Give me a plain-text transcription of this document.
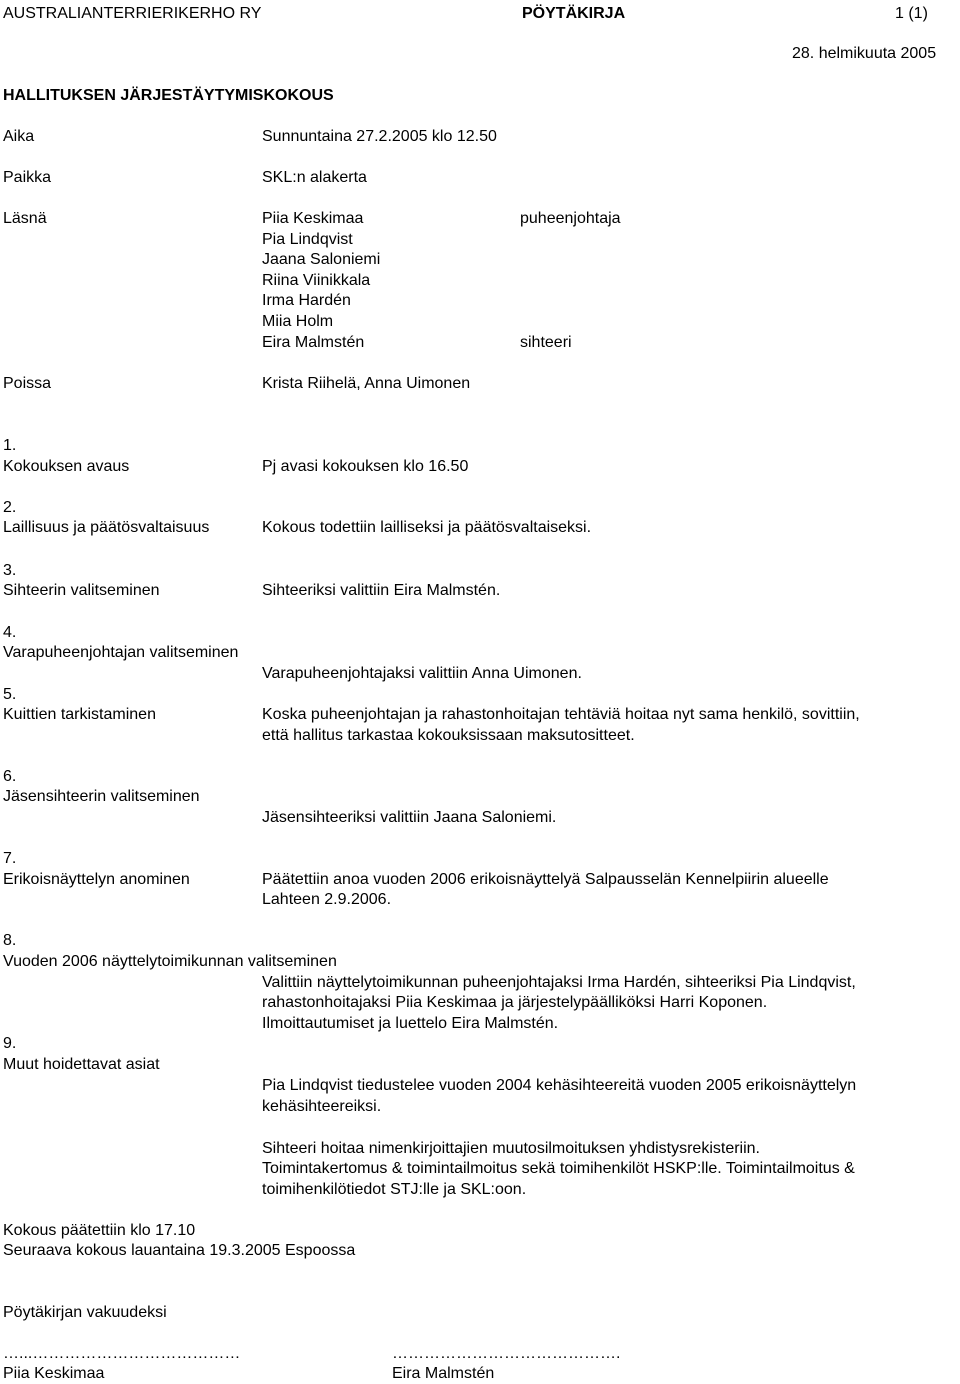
AUSTRALIANTERRIERIKERHO RY	PÖYTÄKIRJA	1 (1)
28. helmikuuta 2005
HALLITUKSEN JÄRJESTÄYTYMISKOKOUS
Aika	Sunnuntaina 27.2.2005 klo 12.50
Paikka	SKL:n alakerta
Läsnä	Piia Keskimaa	puheenjohtaja
Pia Lindqvist
Jaana Saloniemi
Riina Viinikkala
Irma Hardén
Miia Holm
Eira Malmstén	sihteeri
Poissa	Krista Riihelä, Anna Uimonen
1.
Kokouksen avaus	Pj avasi kokouksen klo 16.50
2.
Laillisuus ja päätösvaltaisuus	Kokous todettiin lailliseksi ja päätösvaltaiseksi.
3.
Sihteerin valitseminen	Sihteeriksi valittiin Eira Malmstén.
4.
Varapuheenjohtajan valitseminen
Varapuheenjohtajaksi valittiin Anna Uimonen.
5.
Kuittien tarkistaminen	Koska puheenjohtajan ja rahastonhoitajan tehtäviä hoitaa nyt sama henkilö, sovittiin,
että hallitus tarkastaa kokouksissaan maksutositteet.
6.
Jäsensihteerin valitseminen
Jäsensihteeriksi valittiin Jaana Saloniemi.
7.
Erikoisnäyttelyn anominen	Päätettiin anoa vuoden 2006 erikoisnäyttelyä Salpausselän Kennelpiirin alueelle
Lahteen 2.9.2006.
8.
Vuoden 2006 näyttelytoimikunnan valitseminen
Valittiin näyttelytoimikunnan puheenjohtajaksi Irma Hardén, sihteeriksi Pia Lindqvist,
rahastonhoitajaksi Piia Keskimaa ja järjestelypäälliköksi Harri Koponen.
Ilmoittautumiset ja luettelo Eira Malmstén.
9.
Muut hoidettavat asiat
Pia Lindqvist tiedustelee vuoden 2004 kehäsihteereitä vuoden 2005 erikoisnäyttelyn
kehäsihteereiksi.
Sihteeri hoitaa nimenkirjoittajien muutosilmoituksen yhdistysrekisteriin.
Toimintakertomus & toimintailmoitus sekä toimihenkilöt HSKP:lle. Toimintailmoitus &
toimihenkilötiedot STJ:lle ja SKL:oon.
Kokous päätettiin klo 17.10
Seuraava kokous lauantaina 19.3.2005 Espoossa
Pöytäkirjan vakuudeksi
…...…………………………………	…………………………………….
Piia Keskimaa	Eira Malmstén
